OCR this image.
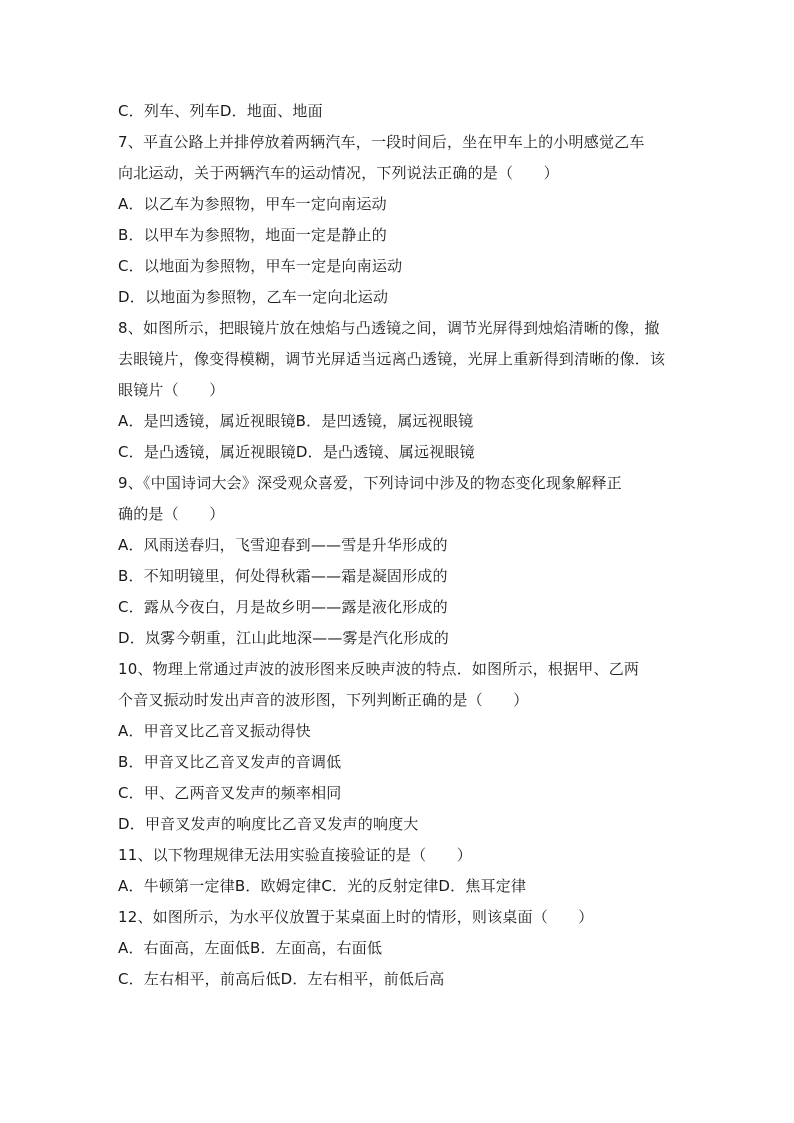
C．列车、列车D．地面、地面
7、平直公路上并排停放着两辆汽车，一段时间后，坐在甲车上的小明感觉乙车
向北运动，关于两辆汽车的运动情况，下列说法正确的是（　　）
A．以乙车为参照物，甲车一定向南运动
B．以甲车为参照物，地面一定是静止的
C．以地面为参照物，甲车一定是向南运动
D．以地面为参照物，乙车一定向北运动
8、如图所示，把眼镜片放在烛焰与凸透镜之间，调节光屏得到烛焰清晰的像，撤
去眼镜片，像变得模糊，调节光屏适当远离凸透镜，光屏上重新得到清晰的像．该
眼镜片（　　）
A．是凹透镜，属近视眼镜B．是凹透镜，属远视眼镜
C．是凸透镜，属近视眼镜D．是凸透镜、属远视眼镜
9、《中国诗词大会》深受观众喜爱，下列诗词中涉及的物态变化现象解释正
确的是（　　）
A．风雨送春归，飞雪迎春到——雪是升华形成的
B．不知明镜里，何处得秋霜——霜是凝固形成的
C．露从今夜白，月是故乡明——露是液化形成的
D．岚雾今朝重，江山此地深——雾是汽化形成的
10、物理上常通过声波的波形图来反映声波的特点．如图所示，根据甲、乙两
个音叉振动时发出声音的波形图，下列判断正确的是（　　）
A．甲音叉比乙音叉振动得快
B．甲音叉比乙音叉发声的音调低
C．甲、乙两音叉发声的频率相同
D．甲音叉发声的响度比乙音叉发声的响度大
11、以下物理规律无法用实验直接验证的是（　　）
A．牛顿第一定律B．欧姆定律C．光的反射定律D．焦耳定律
12、如图所示，为水平仪放置于某桌面上时的情形，则该桌面（　　）
A．右面高，左面低B．左面高，右面低
C．左右相平，前高后低D．左右相平，前低后高
